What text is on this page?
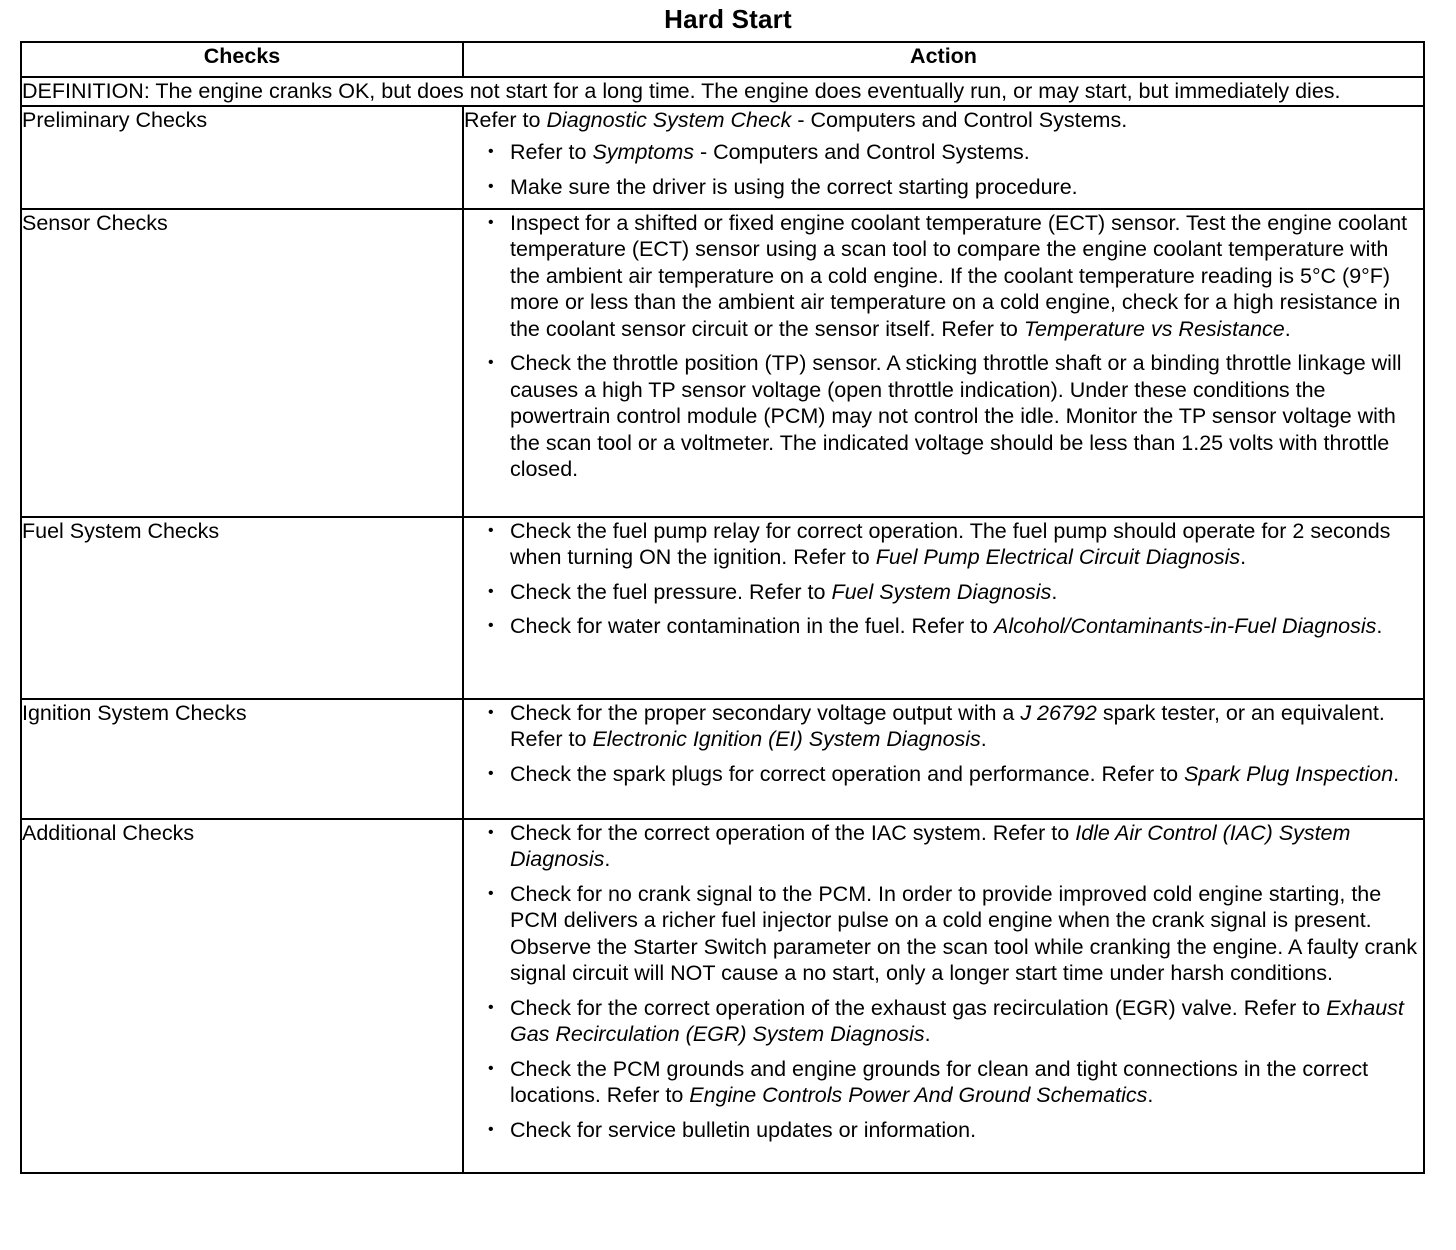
Hard Start
Checks	Action
DEFINITION: The engine cranks OK, but does not start for a long time. The engine does eventually run, or may start, but immediately dies.	
Preliminary Checks	Refer to Diagnostic System Check - Computers and Control Systems.
• Refer to Symptoms - Computers and Control Systems.
• Make sure the driver is using the correct starting procedure.

Sensor Checks	• Inspect for a shifted or fixed engine coolant temperature (ECT) sensor. Test the engine coolant temperature (ECT) sensor using a scan tool to compare the engine coolant temperature with the ambient air temperature on a cold engine. If the coolant temperature reading is 5°C (9°F) more or less than the ambient air temperature on a cold engine, check for a high resistance in the coolant sensor circuit or the sensor itself. Refer to Temperature vs Resistance.
• Check the throttle position (TP) sensor. A sticking throttle shaft or a binding throttle linkage will causes a high TP sensor voltage (open throttle indication). Under these conditions the powertrain control module (PCM) may not control the idle. Monitor the TP sensor voltage with the scan tool or a voltmeter. The indicated voltage should be less than 1.25 volts with throttle closed.

Fuel System Checks	• Check the fuel pump relay for correct operation. The fuel pump should operate for 2 seconds when turning ON the ignition. Refer to Fuel Pump Electrical Circuit Diagnosis.
• Check the fuel pressure. Refer to Fuel System Diagnosis.
• Check for water contamination in the fuel. Refer to Alcohol/Contaminants-in-Fuel Diagnosis.

Ignition System Checks	• Check for the proper secondary voltage output with a J 26792 spark tester, or an equivalent. Refer to Electronic Ignition (EI) System Diagnosis.
• Check the spark plugs for correct operation and performance. Refer to Spark Plug Inspection.

Additional Checks	• Check for the correct operation of the IAC system. Refer to Idle Air Control (IAC) System Diagnosis.
• Check for no crank signal to the PCM. In order to provide improved cold engine starting, the PCM delivers a richer fuel injector pulse on a cold engine when the crank signal is present. Observe the Starter Switch parameter on the scan tool while cranking the engine. A faulty crank signal circuit will NOT cause a no start, only a longer start time under harsh conditions.
• Check for the correct operation of the exhaust gas recirculation (EGR) valve. Refer to Exhaust Gas Recirculation (EGR) System Diagnosis.
• Check the PCM grounds and engine grounds for clean and tight connections in the correct locations. Refer to Engine Controls Power And Ground Schematics.
• Check for service bulletin updates or information.
